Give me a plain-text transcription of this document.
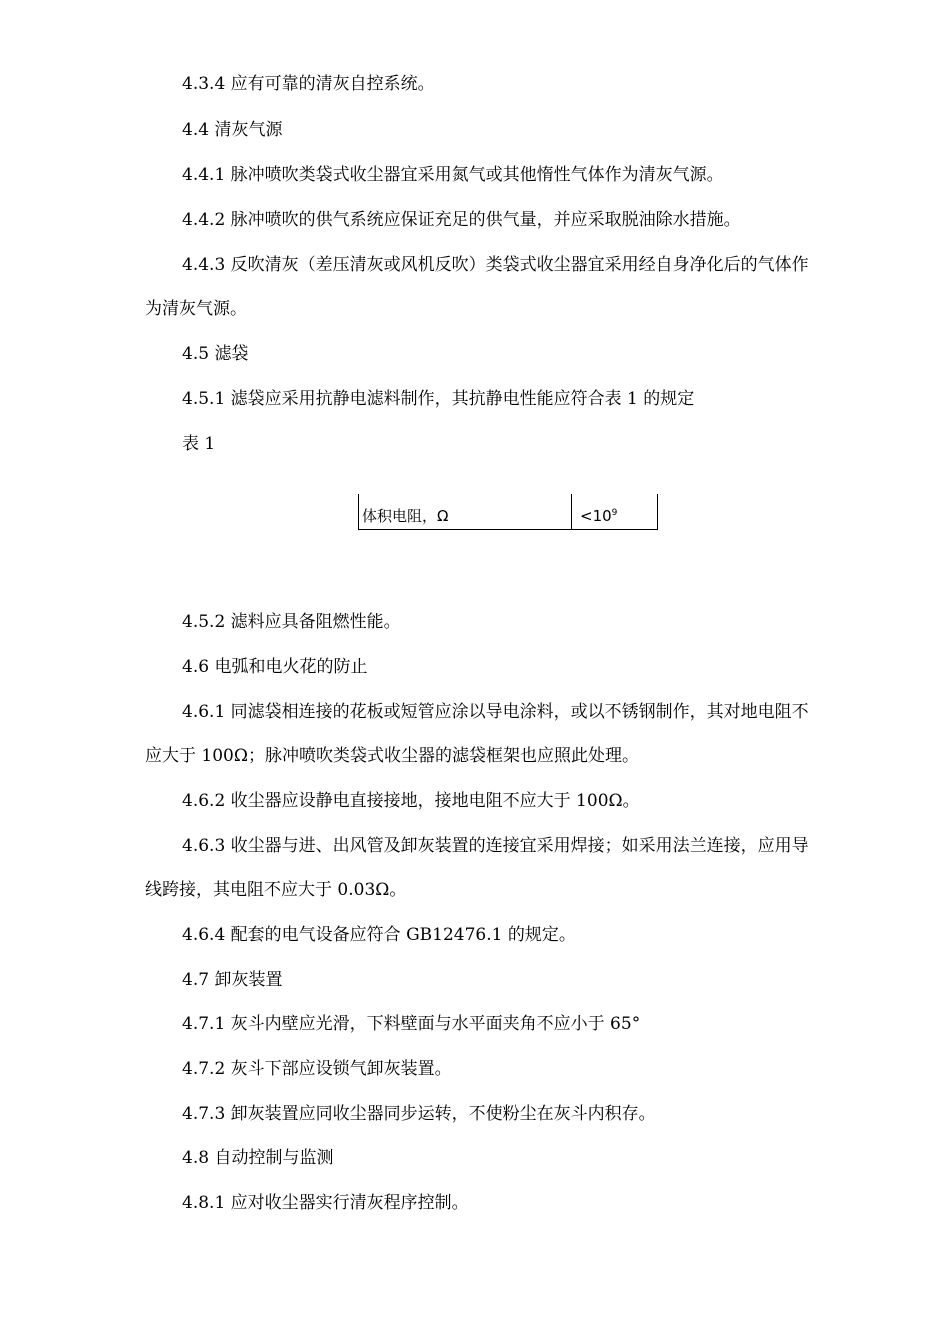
4.3.4 应有可靠的清灰自控系统。

4.4 清灰气源

4.4.1 脉冲喷吹类袋式收尘器宜采用氮气或其他惰性气体作为清灰气源。

4.4.2 脉冲喷吹的供气系统应保证充足的供气量，并应采取脱油除水措施。

4.4.3 反吹清灰（差压清灰或风机反吹）类袋式收尘器宜采用经自身净化后的气体作

为清灰气源。

4.5 滤袋

4.5.1 滤袋应采用抗静电滤料制作，其抗静电性能应符合表 1 的规定

表 1

体积电阻，Ω	$<10^9$

4.5.2 滤料应具备阻燃性能。

4.6 电弧和电火花的防止

4.6.1 同滤袋相连接的花板或短管应涂以导电涂料，或以不锈钢制作，其对地电阻不

应大于 100Ω；脉冲喷吹类袋式收尘器的滤袋框架也应照此处理。

4.6.2 收尘器应设静电直接接地，接地电阻不应大于 100Ω。

4.6.3 收尘器与进、出风管及卸灰装置的连接宜采用焊接；如采用法兰连接，应用导

线跨接，其电阻不应大于 0.03Ω。

4.6.4 配套的电气设备应符合 GB12476.1 的规定。

4.7 卸灰装置

4.7.1 灰斗内壁应光滑，下料壁面与水平面夹角不应小于 65°

4.7.2 灰斗下部应设锁气卸灰装置。

4.7.3 卸灰装置应同收尘器同步运转，不使粉尘在灰斗内积存。

4.8 自动控制与监测

4.8.1 应对收尘器实行清灰程序控制。
